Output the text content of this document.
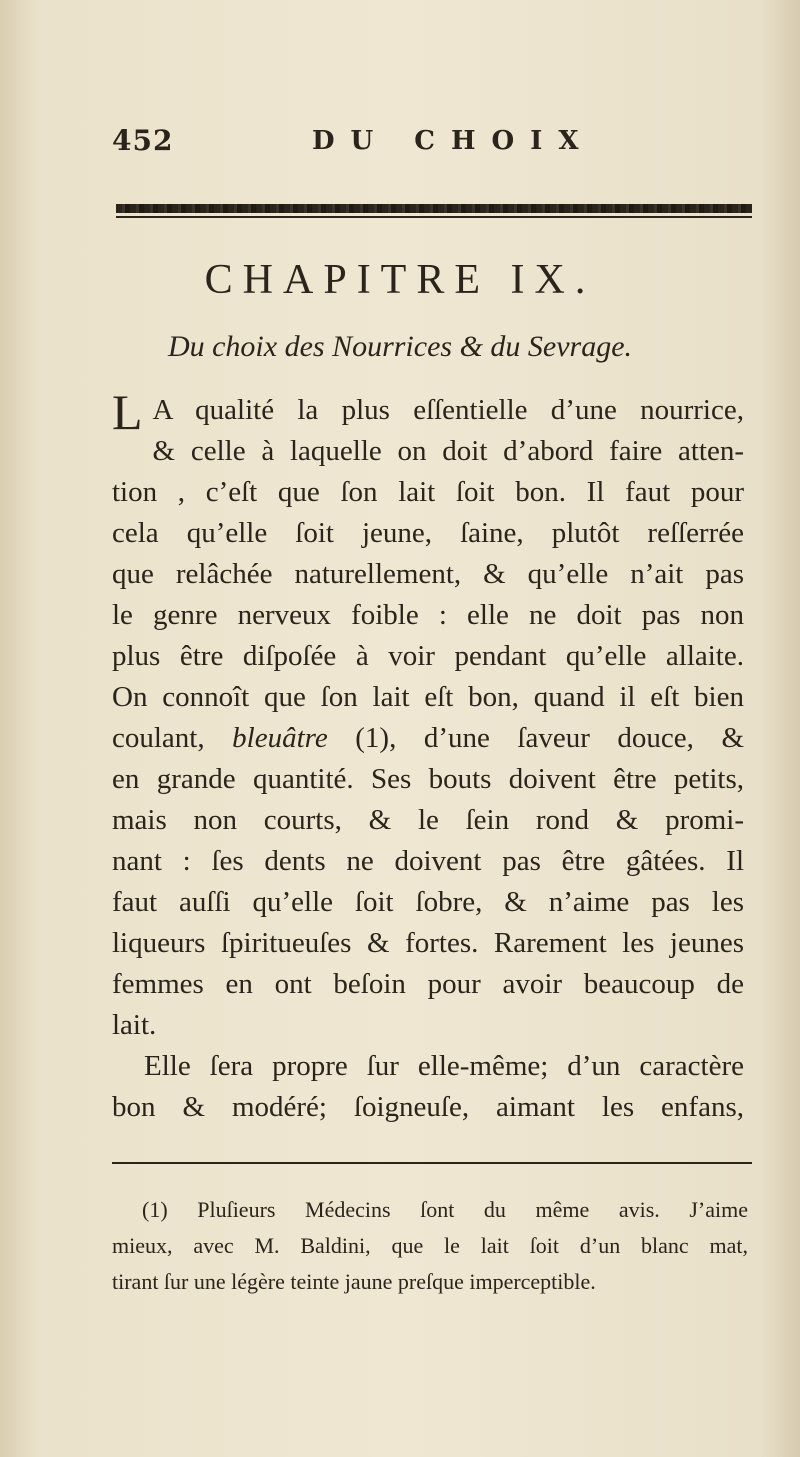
452	DU CHOIX
CHAPITRE IX.
Du choix des Nourrices & du Sevrage.
L A qualité la plus eſſentielle d’une nourrice,
& celle à laquelle on doit d’abord faire atten-
tion , c’eſt que ſon lait ſoit bon. Il faut pour
cela qu’elle ſoit jeune, ſaine, plutôt reſſerrée
que relâchée naturellement, & qu’elle n’ait pas
le genre nerveux foible : elle ne doit pas non
plus être diſpoſée à voir pendant qu’elle allaite.
On connoît que ſon lait eſt bon, quand il eſt bien
coulant, bleuâtre (1), d’une ſaveur douce, &
en grande quantité. Ses bouts doivent être petits,
mais non courts, & le ſein rond & promi-
nant : ſes dents ne doivent pas être gâtées. Il
faut auſſi qu’elle ſoit ſobre, & n’aime pas les
liqueurs ſpiritueuſes & fortes. Rarement les jeunes
femmes en ont beſoin pour avoir beaucoup de
lait.
Elle ſera propre ſur elle-même; d’un caractère
bon & modéré; ſoigneuſe, aimant les enfans,
(1) Pluſieurs Médecins ſont du même avis. J’aime
mieux, avec M. Baldini, que le lait ſoit d’un blanc mat,
tirant ſur une légère teinte jaune preſque imperceptible.
